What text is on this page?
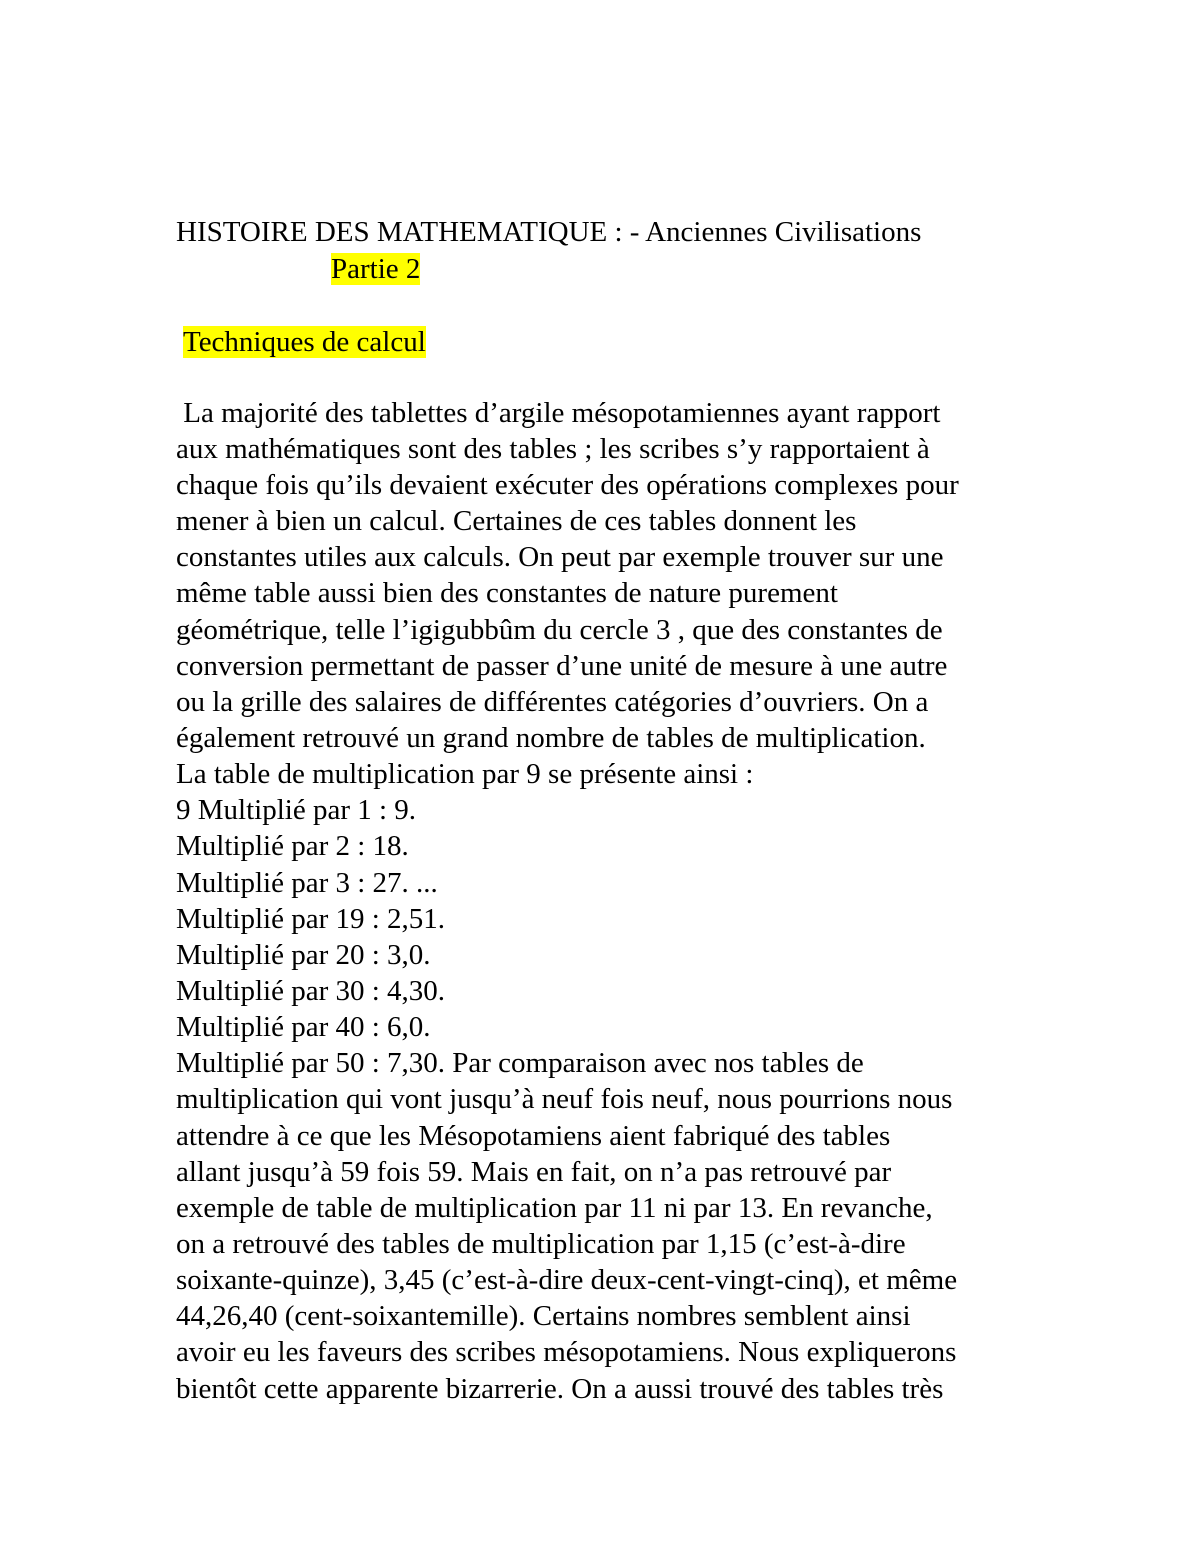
HISTOIRE DES MATHEMATIQUE : - Anciennes Civilisations
Partie 2
Techniques de calcul
La majorité des tablettes d’argile mésopotamiennes ayant rapport
aux mathématiques sont des tables ; les scribes s’y rapportaient à
chaque fois qu’ils devaient exécuter des opérations complexes pour
mener à bien un calcul. Certaines de ces tables donnent les
constantes utiles aux calculs. On peut par exemple trouver sur une
même table aussi bien des constantes de nature purement
géométrique, telle l’igigubbûm du cercle 3 , que des constantes de
conversion permettant de passer d’une unité de mesure à une autre
ou la grille des salaires de différentes catégories d’ouvriers. On a
également retrouvé un grand nombre de tables de multiplication.
La table de multiplication par 9 se présente ainsi :
9 Multiplié par 1 : 9.
Multiplié par 2 : 18.
Multiplié par 3 : 27. ...
Multiplié par 19 : 2,51.
Multiplié par 20 : 3,0.
Multiplié par 30 : 4,30.
Multiplié par 40 : 6,0.
Multiplié par 50 : 7,30. Par comparaison avec nos tables de
multiplication qui vont jusqu’à neuf fois neuf, nous pourrions nous
attendre à ce que les Mésopotamiens aient fabriqué des tables
allant jusqu’à 59 fois 59. Mais en fait, on n’a pas retrouvé par
exemple de table de multiplication par 11 ni par 13. En revanche,
on a retrouvé des tables de multiplication par 1,15 (c’est-à-dire
soixante-quinze), 3,45 (c’est-à-dire deux-cent-vingt-cinq), et même
44,26,40 (cent-soixantemille). Certains nombres semblent ainsi
avoir eu les faveurs des scribes mésopotamiens. Nous expliquerons
bientôt cette apparente bizarrerie. On a aussi trouvé des tables très
